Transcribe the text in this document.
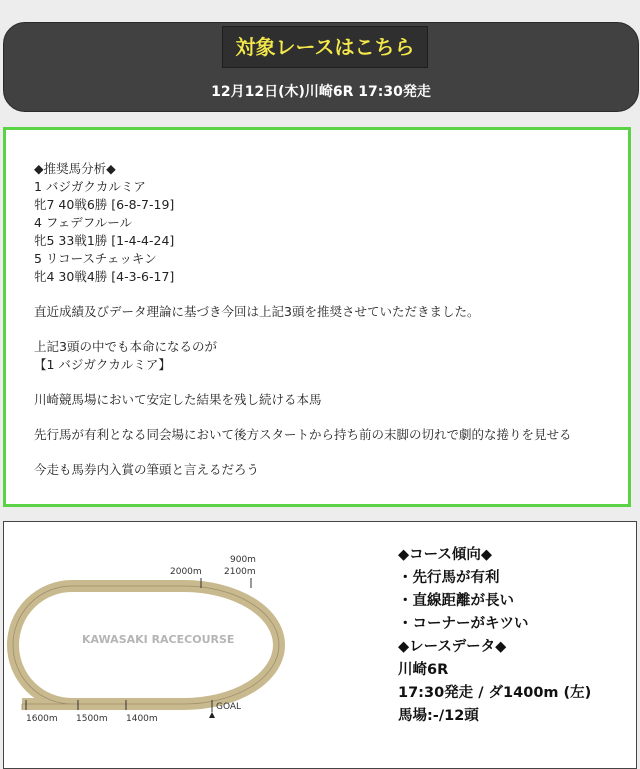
対象レースはこちら
12月12日(木)川崎6R 17:30発走

◆推奨馬分析◆

1 バジガクカルミア

牝7 40戦6勝 [6-8-7-19]

4 フェデフルール

牝5 33戦1勝 [1-4-4-24]

5 リコースチェッキン

牝4 30戦4勝 [4-3-6-17]

直近成績及びデータ理論に基づき今回は上記3頭を推奨させていただきました。

上記3頭の中でも本命になるのが

【1 バジガクカルミア】

川崎競馬場において安定した結果を残し続ける本馬

先行馬が有利となる同会場において後方スタートから持ち前の末脚の切れで劇的な捲りを見せる

今走も馬券内入賞の筆頭と言えるだろう

KAWASAKI RACECOURSE
2000m 2100m
900m
1600m 1500m 1400m
GOAL

◆コース傾向◆

・先行馬が有利

・直線距離が長い

・コーナーがキツい

◆レースデータ◆

川崎6R

17:30発走 / ダ1400m (左)

馬場:-/12頭
